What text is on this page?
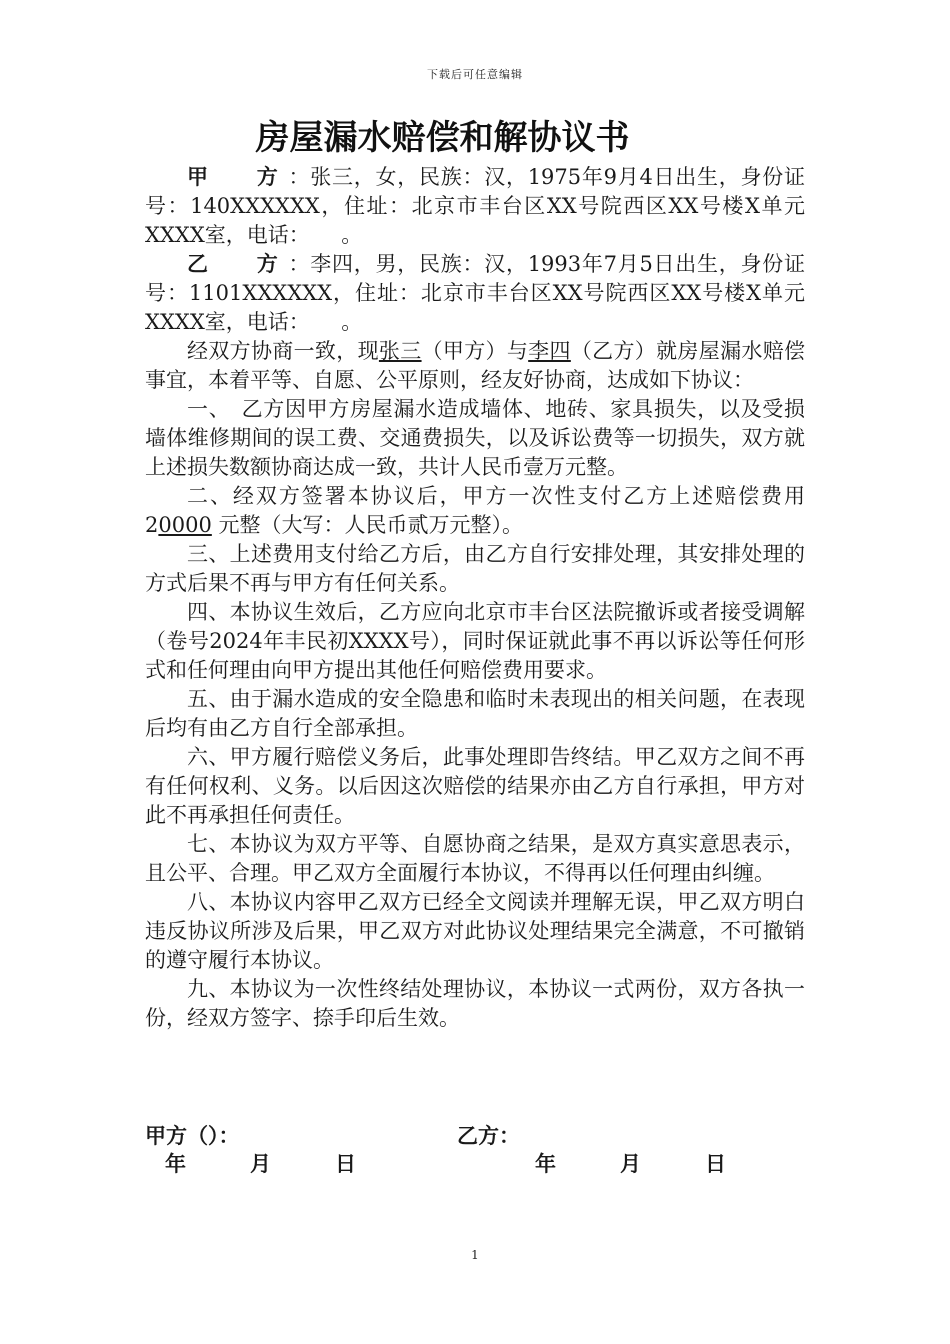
下载后可任意编辑
房屋漏水赔偿和解协议书

甲 方：张三，女，民族：汉，1975年9月4日出生，身份证号：140XXXXXX，住址：北京市丰台区XX号院西区XX号楼X单元XXXX室，电话：　　。

乙 方：李四，男，民族：汉，1993年7月5日出生，身份证号：1101XXXXXX，住址：北京市丰台区XX号院西区XX号楼X单元XXXX室，电话：　　。

经双方协商一致，现张三（甲方）与李四（乙方）就房屋漏水赔偿事宜，本着平等、自愿、公平原则，经友好协商，达成如下协议：

一、　乙方因甲方房屋漏水造成墙体、地砖、家具损失，以及受损墙体维修期间的误工费、交通费损失，以及诉讼费等一切损失，双方就上述损失数额协商达成一致，共计人民币壹万元整。

二、经双方签署本协议后，甲方一次性支付乙方上述赔偿费用20000 元整（大写：人民币贰万元整）。

三、上述费用支付给乙方后，由乙方自行安排处理，其安排处理的方式后果不再与甲方有任何关系。

四、本协议生效后，乙方应向北京市丰台区法院撤诉或者接受调解（卷号2024年丰民初XXXX号），同时保证就此事不再以诉讼等任何形式和任何理由向甲方提出其他任何赔偿费用要求。

五、由于漏水造成的安全隐患和临时未表现出的相关问题，在表现后均有由乙方自行全部承担。

六、甲方履行赔偿义务后，此事处理即告终结。甲乙双方之间不再有任何权利、义务。以后因这次赔偿的结果亦由乙方自行承担，甲方对此不再承担任何责任。

七、本协议为双方平等、自愿协商之结果，是双方真实意思表示，且公平、合理。甲乙双方全面履行本协议，不得再以任何理由纠缠。

八、本协议内容甲乙双方已经全文阅读并理解无误，甲乙双方明白违反协议所涉及后果，甲乙双方对此协议处理结果完全满意，不可撤销的遵守履行本协议。

九、本协议为一次性终结处理协议，本协议一式两份，双方各执一份，经双方签字、捺手印后生效。

甲方（）：	乙方：
年	月	日	年	月	日
1
